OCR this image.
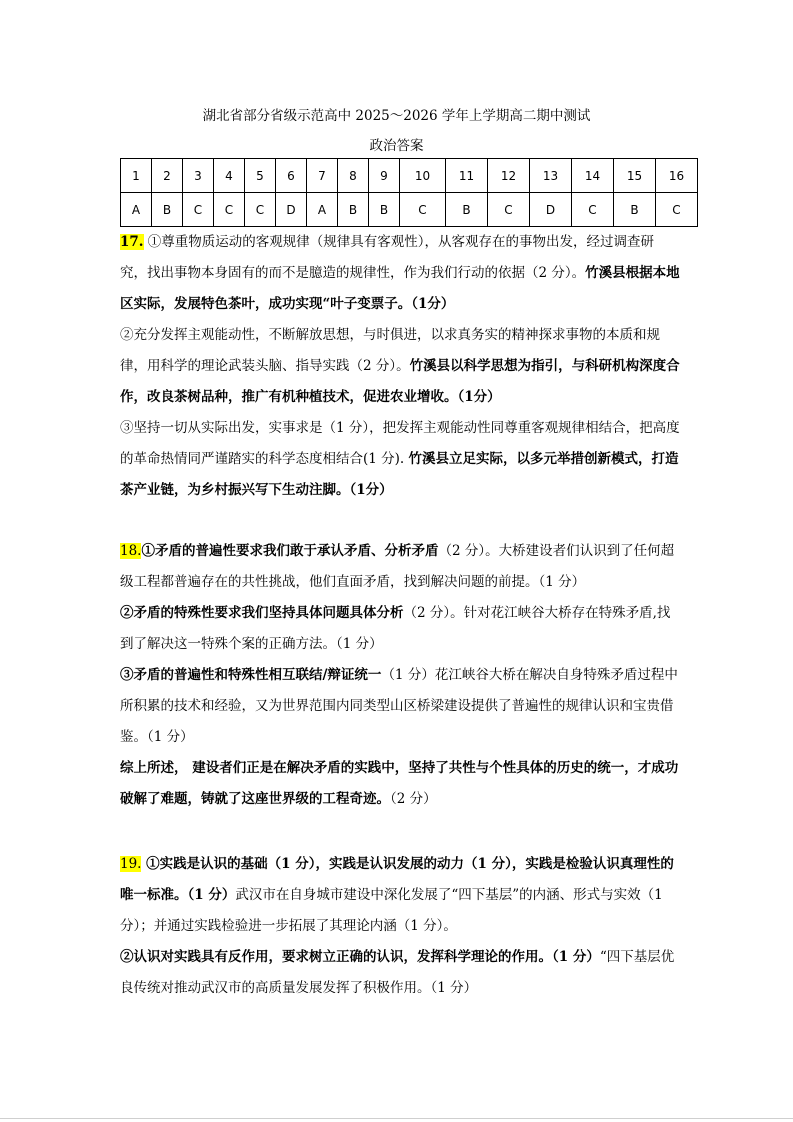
湖北省部分省级示范高中 2025～2026 学年上学期高二期中测试
政治答案
1	2	3	4	5	6	7	8	9	10	11	12	13	14	15	16
A	B	C	C	C	D	A	B	B	C	B	C	D	C	B	C

17. ①尊重物质运动的客观规律（规律具有客观性），从客观存在的事物出发，经过调查研究，找出事物本身固有的而不是臆造的规律性，作为我们行动的依据（2 分）。竹溪县根据本地区实际，发展特色茶叶，成功实现“叶子变票子。（1分）

②充分发挥主观能动性，不断解放思想，与时俱进，以求真务实的精神探求事物的本质和规律，用科学的理论武装头脑、指导实践（2 分）。竹溪县以科学思想为指引，与科研机构深度合作，改良茶树品种，推广有机种植技术，促进农业增收。（1分）

③坚持一切从实际出发，实事求是（1 分），把发挥主观能动性同尊重客观规律相结合，把高度的革命热情同严谨踏实的科学态度相结合(1 分). 竹溪县立足实际，以多元举措创新模式，打造茶产业链，为乡村振兴写下生动注脚。（1分）

18.①矛盾的普遍性要求我们敢于承认矛盾、分析矛盾（2 分）。大桥建设者们认识到了任何超级工程都普遍存在的共性挑战，他们直面矛盾，找到解决问题的前提。（1 分）

②矛盾的特殊性要求我们坚持具体问题具体分析（2 分）。针对花江峡谷大桥存在特殊矛盾,找到了解决这一特殊个案的正确方法。（1 分）

③矛盾的普遍性和特殊性相互联结/辩证统一（1 分）花江峡谷大桥在解决自身特殊矛盾过程中所积累的技术和经验，又为世界范围内同类型山区桥梁建设提供了普遍性的规律认识和宝贵借鉴。（1 分）

综上所述， 建设者们正是在解决矛盾的实践中，坚持了共性与个性具体的历史的统一，才成功破解了难题，铸就了这座世界级的工程奇迹。（2 分）

19. ①实践是认识的基础（1 分），实践是认识发展的动力（1 分），实践是检验认识真理性的唯一标准。（1 分）武汉市在自身城市建设中深化发展了“四下基层”的内涵、形式与实效（1 分）；并通过实践检验进一步拓展了其理论内涵（1 分）。

②认识对实践具有反作用，要求树立正确的认识，发挥科学理论的作用。（1 分）“四下基层优良传统对推动武汉市的高质量发展发挥了积极作用。（1 分）
